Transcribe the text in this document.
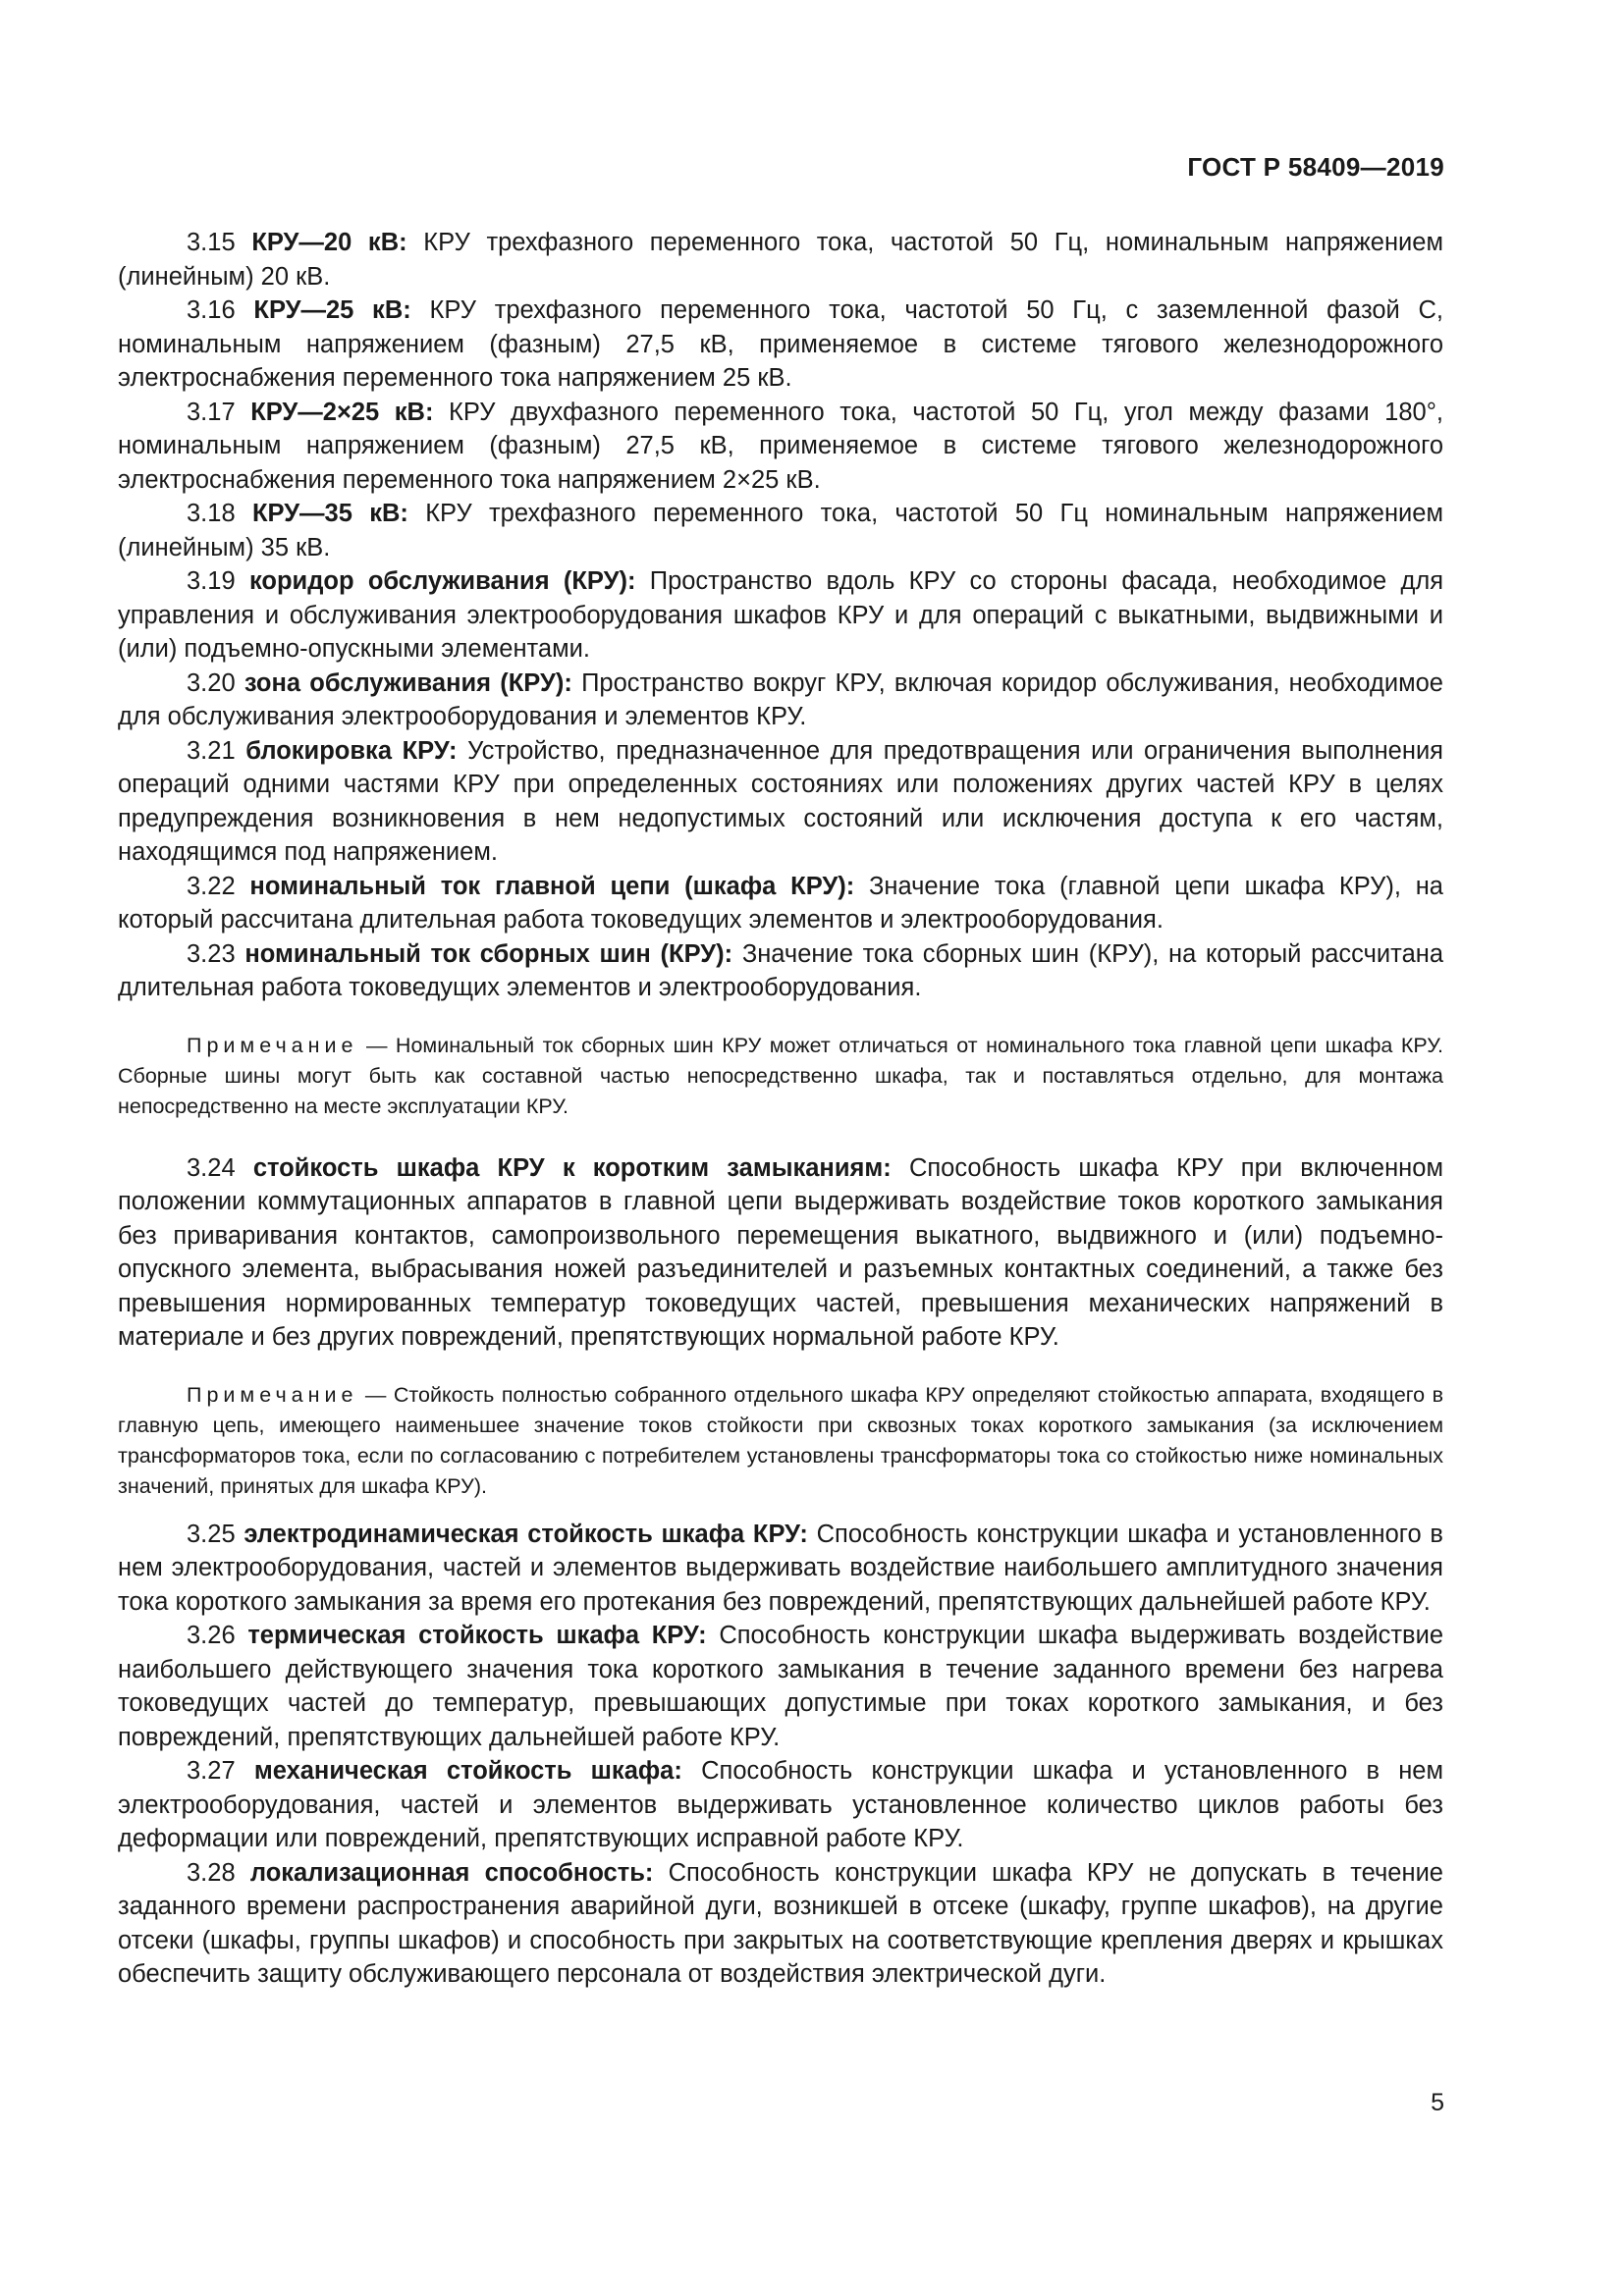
ГОСТ Р 58409—2019

3.15 КРУ—20 кВ: КРУ трехфазного переменного тока, частотой 50 Гц, номинальным напряжением (линейным) 20 кВ.

3.16 КРУ—25 кВ: КРУ трехфазного переменного тока, частотой 50 Гц, с заземленной фазой С, номинальным напряжением (фазным) 27,5 кВ, применяемое в системе тягового железнодорожного электроснабжения переменного тока напряжением 25 кВ.

3.17 КРУ—2×25 кВ: КРУ двухфазного переменного тока, частотой 50 Гц, угол между фазами 180°, номинальным напряжением (фазным) 27,5 кВ, применяемое в системе тягового железнодорожного электроснабжения переменного тока напряжением 2×25 кВ.

3.18 КРУ—35 кВ: КРУ трехфазного переменного тока, частотой 50 Гц номинальным напряжением (линейным) 35 кВ.

3.19 коридор обслуживания (КРУ): Пространство вдоль КРУ со стороны фасада, необходимое для управления и обслуживания электрооборудования шкафов КРУ и для операций с выкатными, выдвижными и (или) подъемно-опускными элементами.

3.20 зона обслуживания (КРУ): Пространство вокруг КРУ, включая коридор обслуживания, необходимое для обслуживания электрооборудования и элементов КРУ.

3.21 блокировка КРУ: Устройство, предназначенное для предотвращения или ограничения выполнения операций одними частями КРУ при определенных состояниях или положениях других частей КРУ в целях предупреждения возникновения в нем недопустимых состояний или исключения доступа к его частям, находящимся под напряжением.

3.22 номинальный ток главной цепи (шкафа КРУ): Значение тока (главной цепи шкафа КРУ), на который рассчитана длительная работа токоведущих элементов и электрооборудования.

3.23 номинальный ток сборных шин (КРУ): Значение тока сборных шин (КРУ), на который рассчитана длительная работа токоведущих элементов и электрооборудования.

Примечание — Номинальный ток сборных шин КРУ может отличаться от номинального тока главной цепи шкафа КРУ. Сборные шины могут быть как составной частью непосредственно шкафа, так и поставляться отдельно, для монтажа непосредственно на месте эксплуатации КРУ.

3.24 стойкость шкафа КРУ к коротким замыканиям: Способность шкафа КРУ при включенном положении коммутационных аппаратов в главной цепи выдерживать воздействие токов короткого замыкания без приваривания контактов, самопроизвольного перемещения выкатного, выдвижного и (или) подъемно-опускного элемента, выбрасывания ножей разъединителей и разъемных контактных соединений, а также без превышения нормированных температур токоведущих частей, превышения механических напряжений в материале и без других повреждений, препятствующих нормальной работе КРУ.

Примечание — Стойкость полностью собранного отдельного шкафа КРУ определяют стойкостью аппарата, входящего в главную цепь, имеющего наименьшее значение токов стойкости при сквозных токах короткого замыкания (за исключением трансформаторов тока, если по согласованию с потребителем установлены трансформаторы тока со стойкостью ниже номинальных значений, принятых для шкафа КРУ).

3.25 электродинамическая стойкость шкафа КРУ: Способность конструкции шкафа и установленного в нем электрооборудования, частей и элементов выдерживать воздействие наибольшего амплитудного значения тока короткого замыкания за время его протекания без повреждений, препятствующих дальнейшей работе КРУ.

3.26 термическая стойкость шкафа КРУ: Способность конструкции шкафа выдерживать воздействие наибольшего действующего значения тока короткого замыкания в течение заданного времени без нагрева токоведущих частей до температур, превышающих допустимые при токах короткого замыкания, и без повреждений, препятствующих дальнейшей работе КРУ.

3.27 механическая стойкость шкафа: Способность конструкции шкафа и установленного в нем электрооборудования, частей и элементов выдерживать установленное количество циклов работы без деформации или повреждений, препятствующих исправной работе КРУ.

3.28 локализационная способность: Способность конструкции шкафа КРУ не допускать в течение заданного времени распространения аварийной дуги, возникшей в отсеке (шкафу, группе шкафов), на другие отсеки (шкафы, группы шкафов) и способность при закрытых на соответствующие крепления дверях и крышках обеспечить защиту обслуживающего персонала от воздействия электрической дуги.

5
